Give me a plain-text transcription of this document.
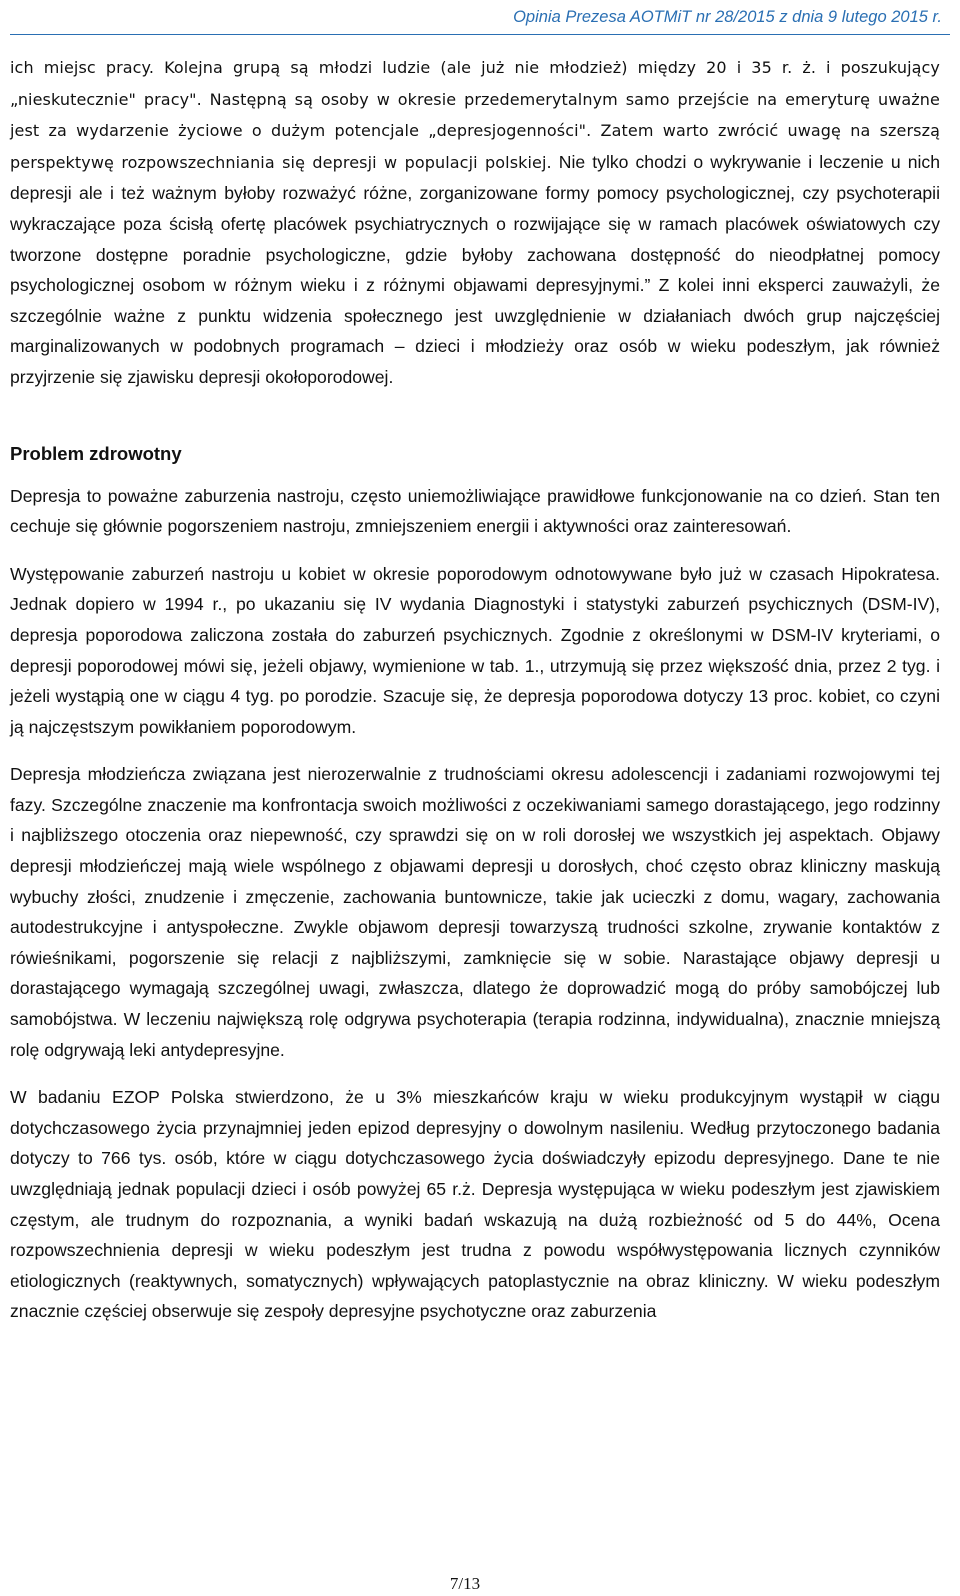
Opinia Prezesa AOTMiT nr 28/2015 z dnia 9 lutego 2015 r.

ich miejsc pracy. Kolejna grupą są młodzi ludzie (ale już nie młodzież) między 20 i 35 r. ż. i poszukujący „nieskutecznie" pracy". Następną są osoby w okresie przedemerytalnym samo przejście na emeryturę uważne jest za wydarzenie życiowe o dużym potencjale „depresjogenności". Zatem warto zwrócić uwagę na szerszą perspektywę rozpowszechniania się depresji w populacji polskiej. Nie tylko chodzi o wykrywanie i leczenie u nich depresji ale i też ważnym byłoby rozważyć różne, zorganizowane formy pomocy psychologicznej, czy psychoterapii wykraczające poza ścisłą ofertę placówek psychiatrycznych o rozwijające się w ramach placówek oświatowych czy tworzone dostępne poradnie psychologiczne, gdzie byłoby zachowana dostępność do nieodpłatnej pomocy psychologicznej osobom w różnym wieku i z różnymi objawami depresyjnymi.” Z kolei inni eksperci zauważyli, że szczególnie ważne z punktu widzenia społecznego jest uwzględnienie w działaniach dwóch grup najczęściej marginalizowanych w podobnych programach – dzieci i młodzieży oraz osób w wieku podeszłym, jak również przyjrzenie się zjawisku depresji okołoporodowej.

Problem zdrowotny

Depresja to poważne zaburzenia nastroju, często uniemożliwiające prawidłowe funkcjonowanie na co dzień. Stan ten cechuje się głównie pogorszeniem nastroju, zmniejszeniem energii i aktywności oraz zainteresowań.

Występowanie zaburzeń nastroju u kobiet w okresie poporodowym odnotowywane było już w czasach Hipokratesa. Jednak dopiero w 1994 r., po ukazaniu się IV wydania Diagnostyki i statystyki zaburzeń psychicznych (DSM-IV), depresja poporodowa zaliczona została do zaburzeń psychicznych. Zgodnie z określonymi w DSM-IV kryteriami, o depresji poporodowej mówi się, jeżeli objawy, wymienione w tab. 1., utrzymują się przez większość dnia, przez 2 tyg. i jeżeli wystąpią one w ciągu 4 tyg. po porodzie. Szacuje się, że depresja poporodowa dotyczy 13 proc. kobiet, co czyni ją najczęstszym powikłaniem poporodowym.

Depresja młodzieńcza związana jest nierozerwalnie z trudnościami okresu adolescencji i zadaniami rozwojowymi tej fazy. Szczególne znaczenie ma konfrontacja swoich możliwości z oczekiwaniami samego dorastającego, jego rodzinny i najbliższego otoczenia oraz niepewność, czy sprawdzi się on w roli dorosłej we wszystkich jej aspektach. Objawy depresji młodzieńczej mają wiele wspólnego z objawami depresji u dorosłych, choć często obraz kliniczny maskują wybuchy złości, znudzenie i zmęczenie, zachowania buntownicze, takie jak ucieczki z domu, wagary, zachowania autodestrukcyjne i antyspołeczne. Zwykle objawom depresji towarzyszą trudności szkolne, zrywanie kontaktów z rówieśnikami, pogorszenie się relacji z najbliższymi, zamknięcie się w sobie. Narastające objawy depresji u dorastającego wymagają szczególnej uwagi, zwłaszcza, dlatego że doprowadzić mogą do próby samobójczej lub samobójstwa. W leczeniu największą rolę odgrywa psychoterapia (terapia rodzinna, indywidualna), znacznie mniejszą rolę odgrywają leki antydepresyjne.

W badaniu EZOP Polska stwierdzono, że u 3% mieszkańców kraju w wieku produkcyjnym wystąpił w ciągu dotychczasowego życia przynajmniej jeden epizod depresyjny o dowolnym nasileniu. Według przytoczonego badania dotyczy to 766 tys. osób, które w ciągu dotychczasowego życia doświadczyły epizodu depresyjnego. Dane te nie uwzględniają jednak populacji dzieci i osób powyżej 65 r.ż. Depresja występująca w wieku podeszłym jest zjawiskiem częstym, ale trudnym do rozpoznania, a wyniki badań wskazują na dużą rozbieżność od 5 do 44%, Ocena rozpowszechnienia depresji w wieku podeszłym jest trudna z powodu współwystępowania licznych czynników etiologicznych (reaktywnych, somatycznych) wpływających patoplastycznie na obraz kliniczny. W wieku podeszłym znacznie częściej obserwuje się zespoły depresyjne psychotyczne oraz zaburzenia

7/13
